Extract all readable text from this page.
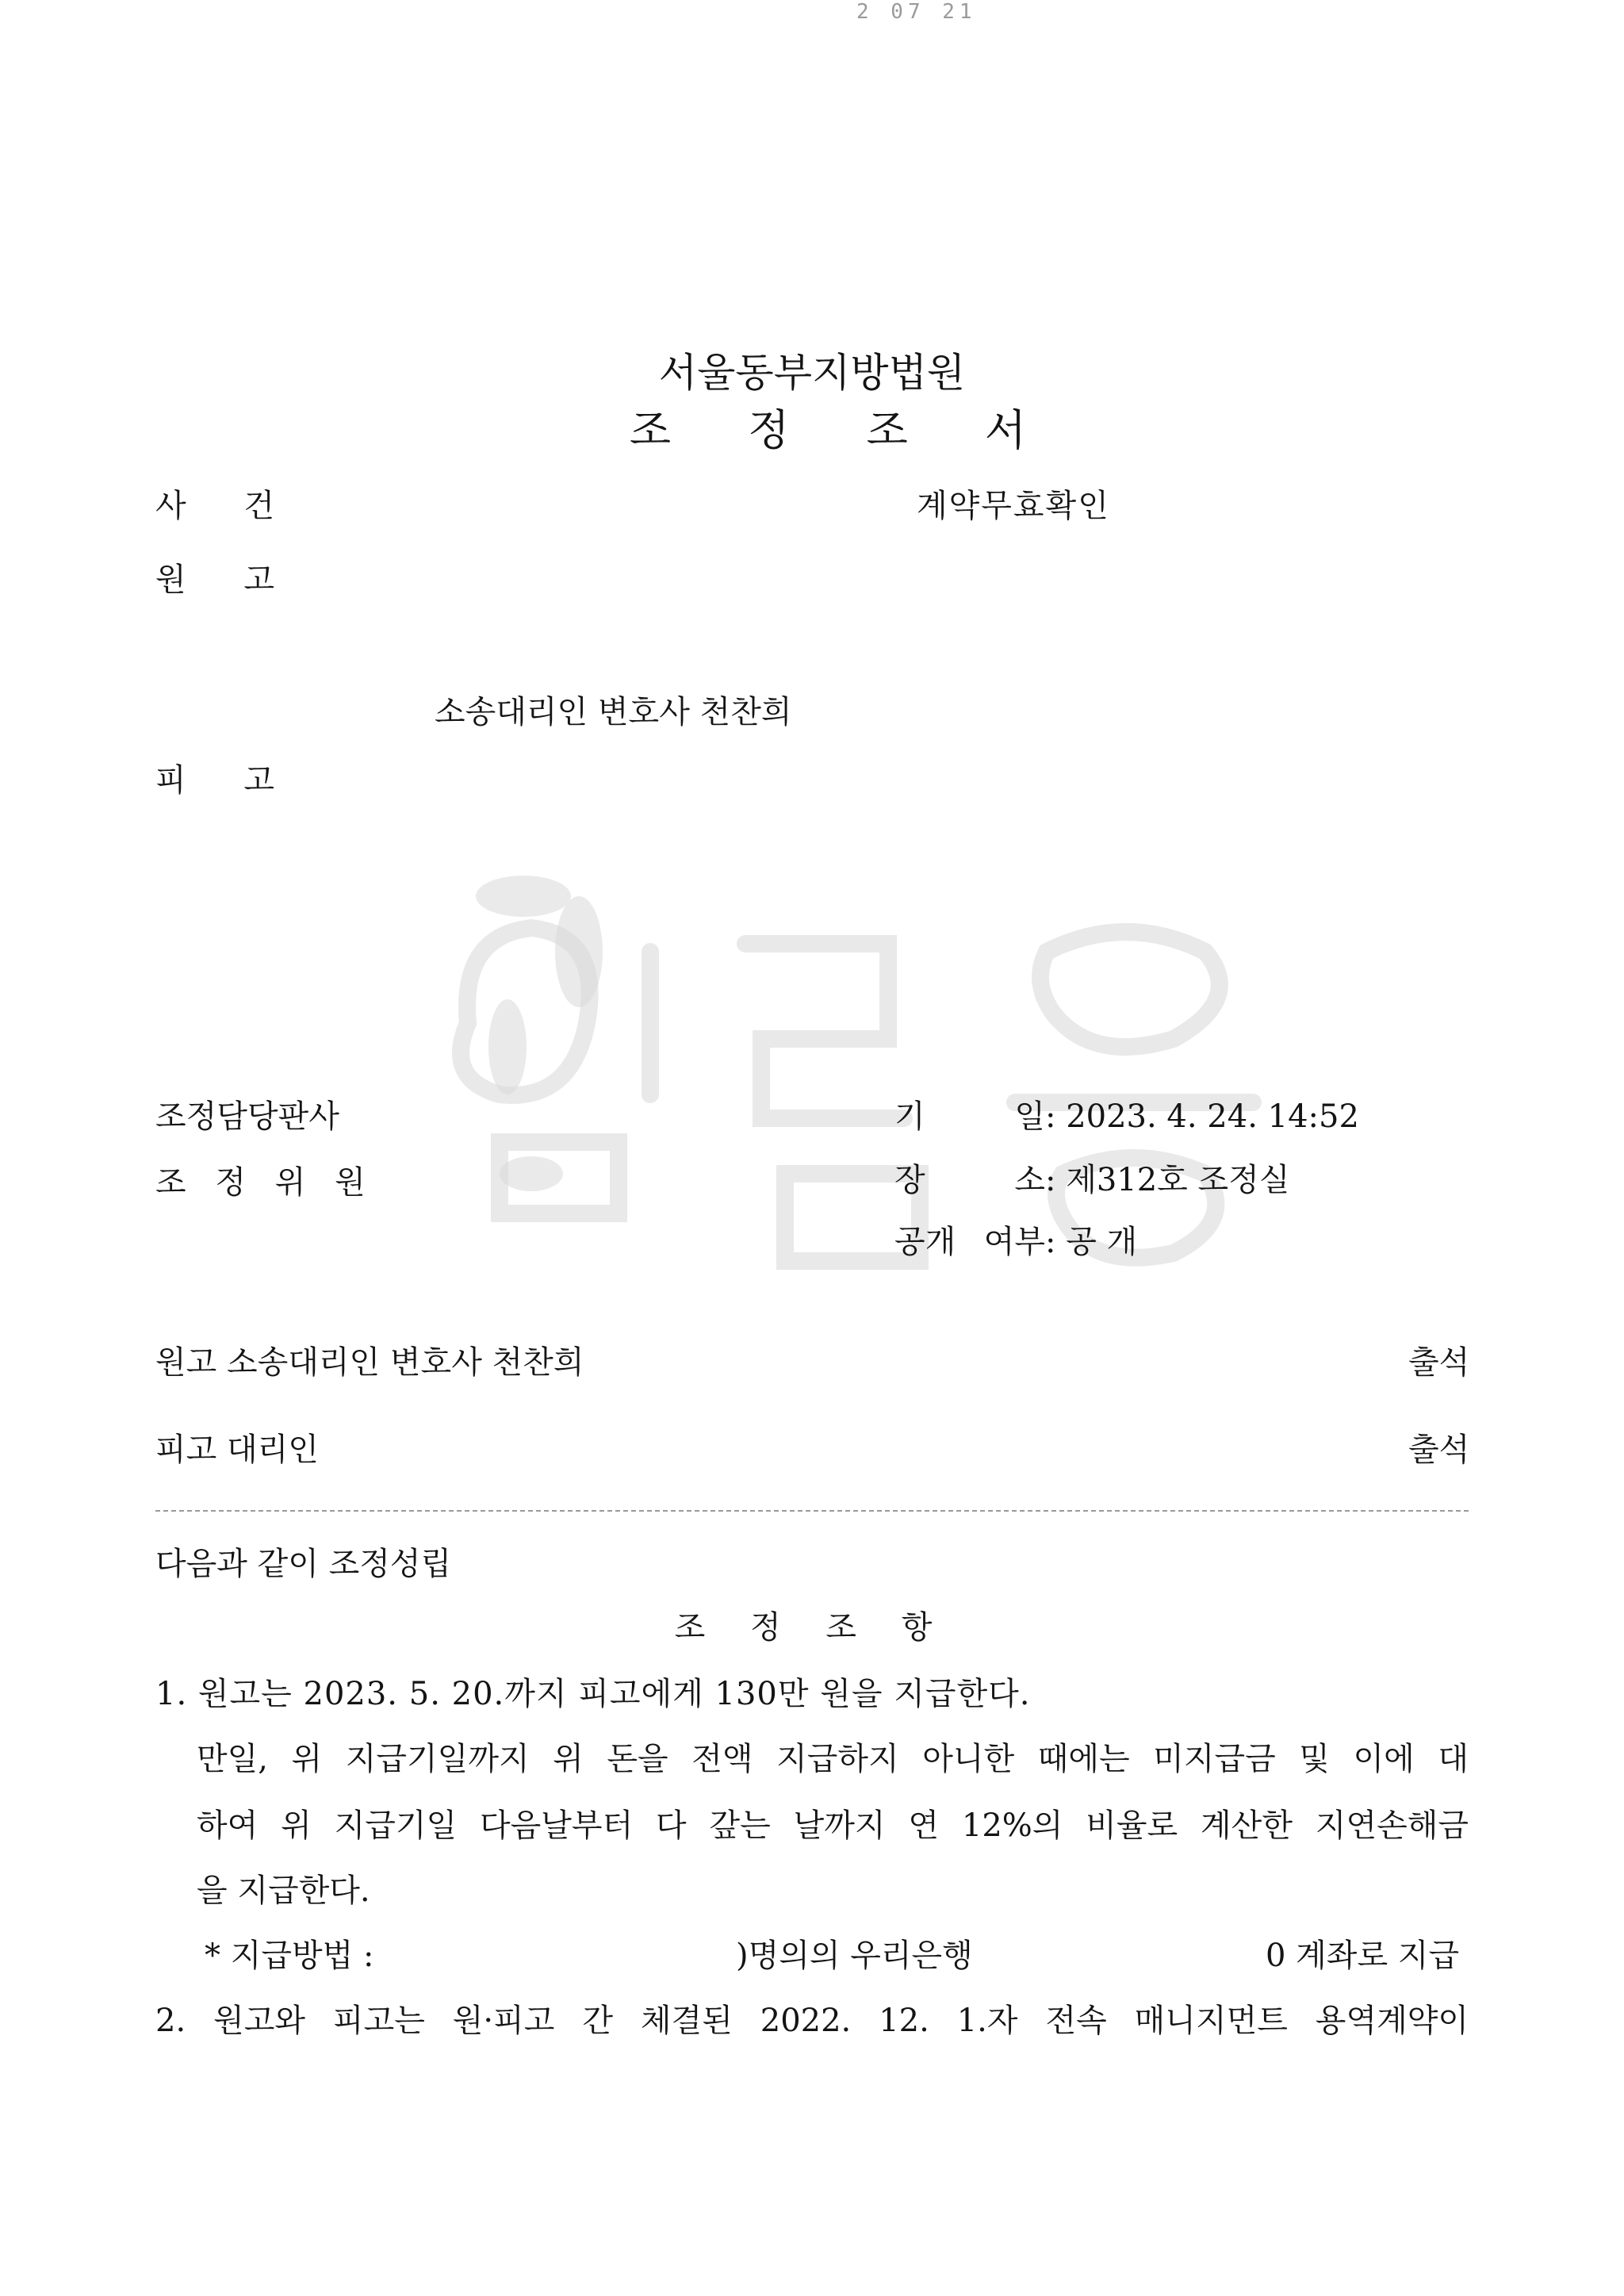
2 07 21
서울동부지방법원
조 정 조 서
사 건	계약무효확인
원 고
소송대리인 변호사 천찬희
피 고
조정담당판사
조 정 위 원
기 일 : 2023. 4. 24. 14:52
장 소 : 제312호 조정실
공개 여부 : 공 개
원고 소송대리인 변호사 천찬희	출석
피고 대리인	출석
다음과 같이 조정성립
조 정 조 항
1. 원고는 2023. 5. 20.까지 피고에게 130만 원을 지급한다.
만일, 위 지급기일까지 위 돈을 전액 지급하지 아니한 때에는 미지급금 및 이에 대
하여 위 지급기일 다음날부터 다 갚는 날까지 연 12%의 비율로 계산한 지연손해금
을 지급한다.
* 지급방법 :	)명의의 우리은행	0 계좌로 지급
2. 원고와 피고는 원·피고 간 체결된 2022. 12. 1.자 전속 매니지먼트 용역계약이
